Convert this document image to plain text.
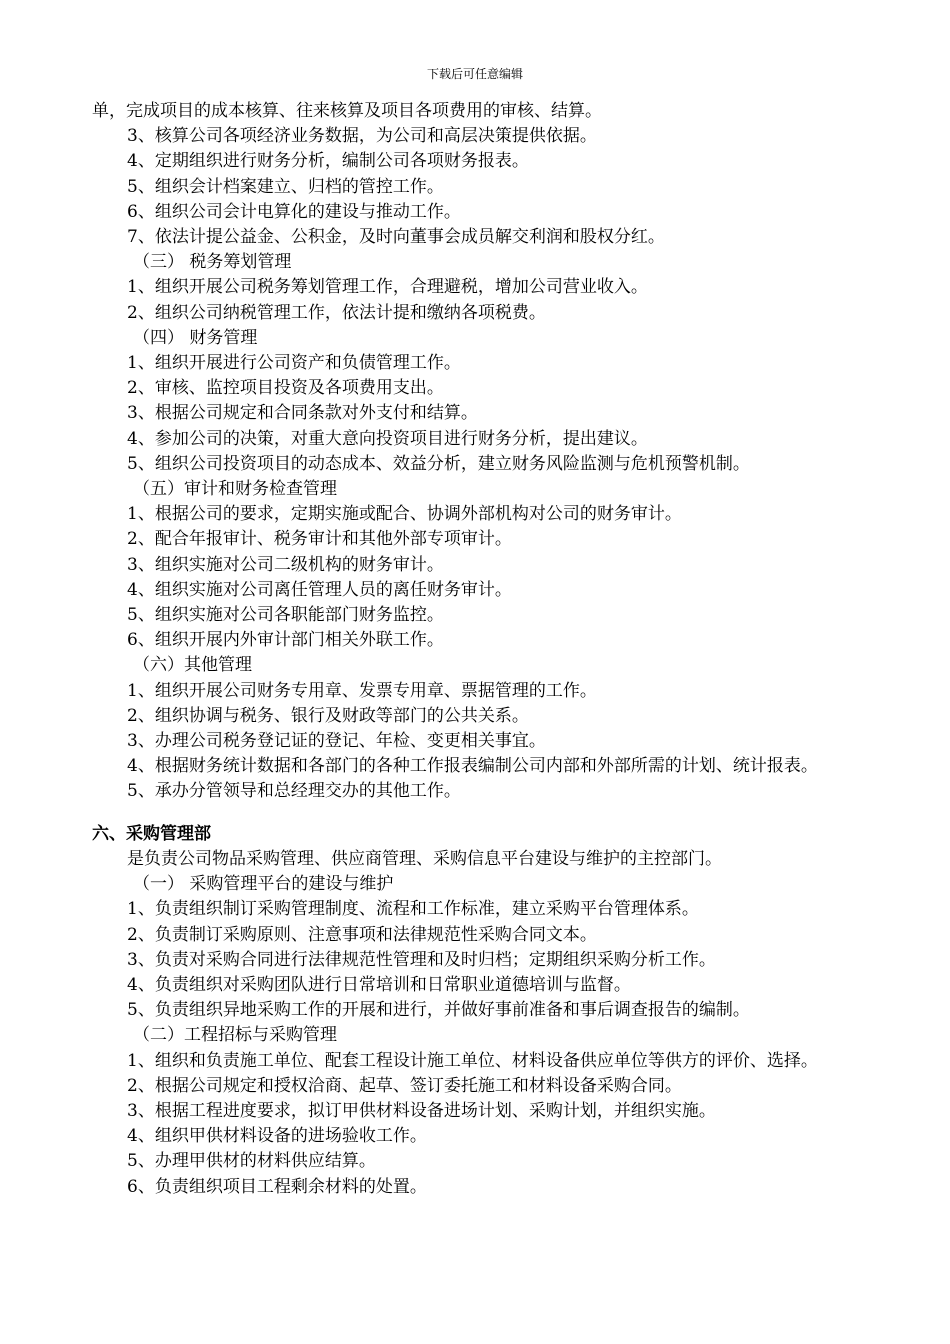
下载后可任意编辑
单，完成项目的成本核算、往来核算及项目各项费用的审核、结算。
3、核算公司各项经济业务数据，为公司和高层决策提供依据。
4、定期组织进行财务分析，编制公司各项财务报表。
5、组织会计档案建立、归档的管控工作。
6、组织公司会计电算化的建设与推动工作。
7、依法计提公益金、公积金，及时向董事会成员解交利润和股权分红。
（三） 税务筹划管理
1、组织开展公司税务筹划管理工作，合理避税，增加公司营业收入。
2、组织公司纳税管理工作，依法计提和缴纳各项税费。
（四） 财务管理
1、组织开展进行公司资产和负债管理工作。
2、审核、监控项目投资及各项费用支出。
3、根据公司规定和合同条款对外支付和结算。
4、参加公司的决策，对重大意向投资项目进行财务分析，提出建议。
5、组织公司投资项目的动态成本、效益分析，建立财务风险监测与危机预警机制。
（五）审计和财务检查管理
1、根据公司的要求，定期实施或配合、协调外部机构对公司的财务审计。
2、配合年报审计、税务审计和其他外部专项审计。
3、组织实施对公司二级机构的财务审计。
4、组织实施对公司离任管理人员的离任财务审计。
5、组织实施对公司各职能部门财务监控。
6、组织开展内外审计部门相关外联工作。
（六）其他管理
1、组织开展公司财务专用章、发票专用章、票据管理的工作。
2、组织协调与税务、银行及财政等部门的公共关系。
3、办理公司税务登记证的登记、年检、变更相关事宜。
4、根据财务统计数据和各部门的各种工作报表编制公司内部和外部所需的计划、统计报表。
5、承办分管领导和总经理交办的其他工作。
六、采购管理部
是负责公司物品采购管理、供应商管理、采购信息平台建设与维护的主控部门。
（一） 采购管理平台的建设与维护
1、负责组织制订采购管理制度、流程和工作标准，建立采购平台管理体系。
2、负责制订采购原则、注意事项和法律规范性采购合同文本。
3、负责对采购合同进行法律规范性管理和及时归档；定期组织采购分析工作。
4、负责组织对采购团队进行日常培训和日常职业道德培训与监督。
5、负责组织异地采购工作的开展和进行，并做好事前准备和事后调查报告的编制。
（二）工程招标与采购管理
1、组织和负责施工单位、配套工程设计施工单位、材料设备供应单位等供方的评价、选择。
2、根据公司规定和授权洽商、起草、签订委托施工和材料设备采购合同。
3、根据工程进度要求，拟订甲供材料设备进场计划、采购计划，并组织实施。
4、组织甲供材料设备的进场验收工作。
5、办理甲供材的材料供应结算。
6、负责组织项目工程剩余材料的处置。
